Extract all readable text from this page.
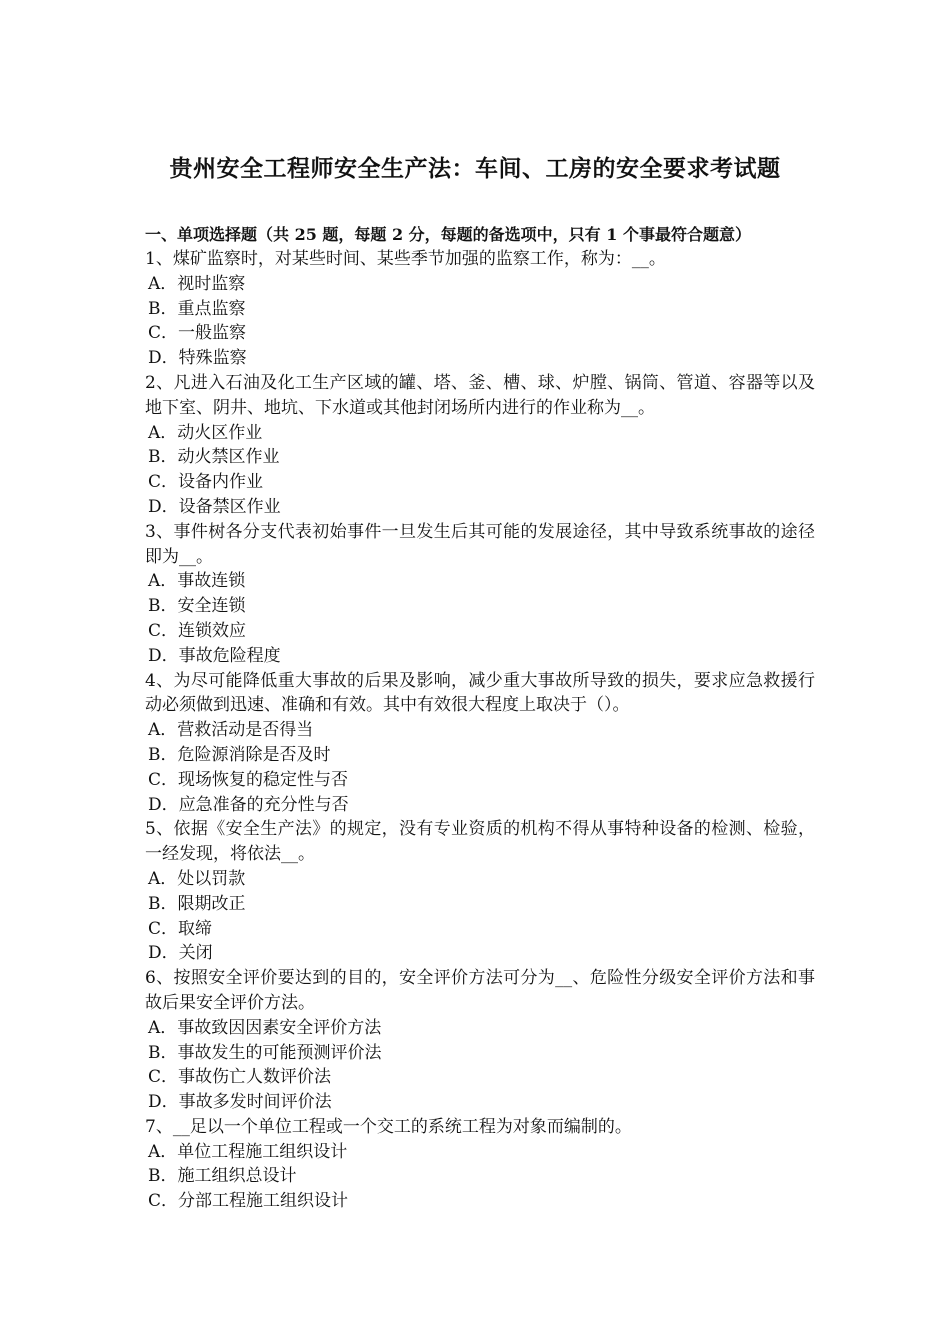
贵州安全工程师安全生产法：车间、工房的安全要求考试题
一、单项选择题（共 25 题，每题 2 分，每题的备选项中，只有 1 个事最符合题意）
1、煤矿监察时，对某些时间、某些季节加强的监察工作，称为：__。
A．视时监察
B．重点监察
C．一般监察
D．特殊监察
2、凡进入石油及化工生产区域的罐、塔、釜、槽、球、炉膛、锅筒、管道、容器等以及地下室、阴井、地坑、下水道或其他封闭场所内进行的作业称为__。
A．动火区作业
B．动火禁区作业
C．设备内作业
D．设备禁区作业
3、事件树各分支代表初始事件一旦发生后其可能的发展途径，其中导致系统事故的途径即为__。
A．事故连锁
B．安全连锁
C．连锁效应
D．事故危险程度
4、为尽可能降低重大事故的后果及影响，减少重大事故所导致的损失，要求应急救援行动必须做到迅速、准确和有效。其中有效很大程度上取决于（）。
A．营救活动是否得当
B．危险源消除是否及时
C．现场恢复的稳定性与否
D．应急准备的充分性与否
5、依据《安全生产法》的规定，没有专业资质的机构不得从事特种设备的检测、检验，一经发现，将依法__。
A．处以罚款
B．限期改正
C．取缔
D．关闭
6、按照安全评价要达到的目的，安全评价方法可分为__、危险性分级安全评价方法和事故后果安全评价方法。
A．事故致因因素安全评价方法
B．事故发生的可能预测评价法
C．事故伤亡人数评价法
D．事故多发时间评价法
7、__足以一个单位工程或一个交工的系统工程为对象而编制的。
A．单位工程施工组织设计
B．施工组织总设计
C．分部工程施工组织设计
